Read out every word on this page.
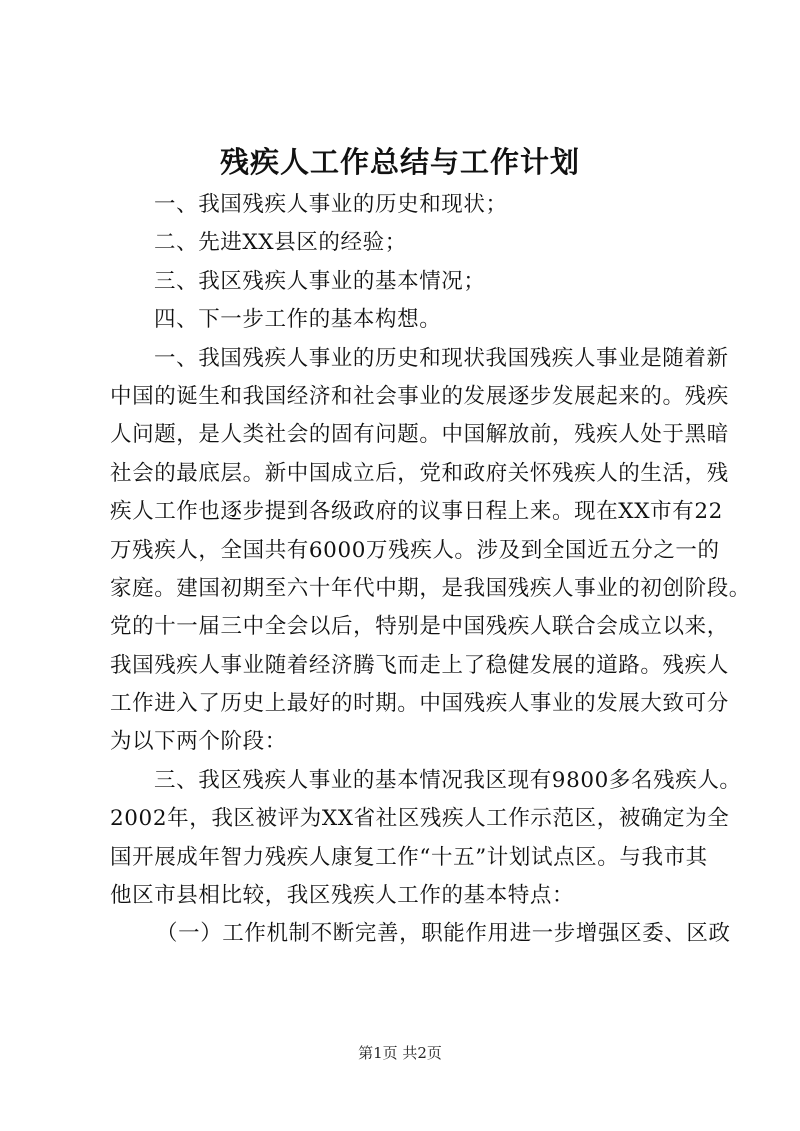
残疾人工作总结与工作计划
一、我国残疾人事业的历史和现状；
二、先进XX县区的经验；
三、我区残疾人事业的基本情况；
四、下一步工作的基本构想。
一、我国残疾人事业的历史和现状我国残疾人事业是随着新
中国的诞生和我国经济和社会事业的发展逐步发展起来的。残疾
人问题，是人类社会的固有问题。中国解放前，残疾人处于黑暗
社会的最底层。新中国成立后，党和政府关怀残疾人的生活，残
疾人工作也逐步提到各级政府的议事日程上来。现在XX市有22
万残疾人，全国共有6000万残疾人。涉及到全国近五分之一的
家庭。建国初期至六十年代中期，是我国残疾人事业的初创阶段。
党的十一届三中全会以后，特别是中国残疾人联合会成立以来，
我国残疾人事业随着经济腾飞而走上了稳健发展的道路。残疾人
工作进入了历史上最好的时期。中国残疾人事业的发展大致可分
为以下两个阶段：
三、我区残疾人事业的基本情况我区现有9800多名残疾人。
2002年，我区被评为XX省社区残疾人工作示范区，被确定为全
国开展成年智力残疾人康复工作“十五”计划试点区。与我市其
他区市县相比较，我区残疾人工作的基本特点：
（一）工作机制不断完善，职能作用进一步增强区委、区政
第1页 共2页
